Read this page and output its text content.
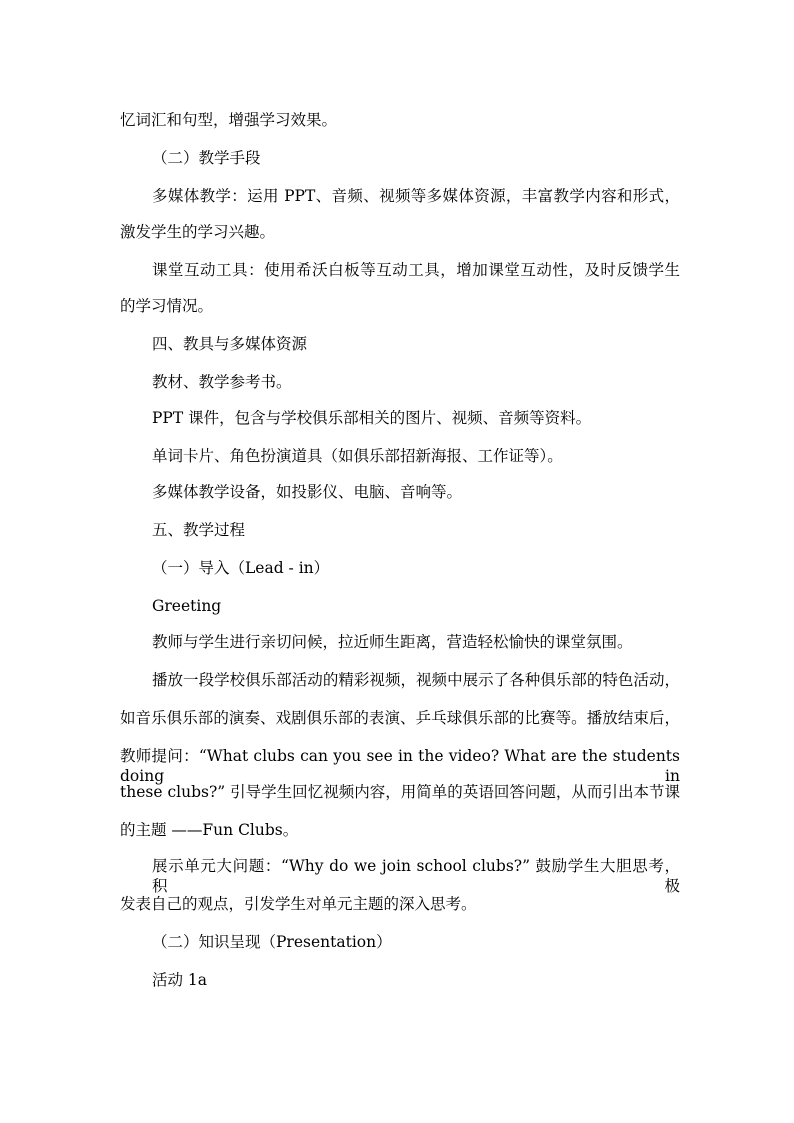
忆词汇和句型，增强学习效果。
（二）教学手段
多媒体教学：运用 PPT、音频、视频等多媒体资源，丰富教学内容和形式，
激发学生的学习兴趣。
课堂互动工具：使用希沃白板等互动工具，增加课堂互动性，及时反馈学生
的学习情况。
四、教具与多媒体资源
教材、教学参考书。
PPT 课件，包含与学校俱乐部相关的图片、视频、音频等资料。
单词卡片、角色扮演道具（如俱乐部招新海报、工作证等）。
多媒体教学设备，如投影仪、电脑、音响等。
五、教学过程
（一）导入（Lead - in）
Greeting
教师与学生进行亲切问候，拉近师生距离，营造轻松愉快的课堂氛围。
播放一段学校俱乐部活动的精彩视频，视频中展示了各种俱乐部的特色活动，
如音乐俱乐部的演奏、戏剧俱乐部的表演、乒乓球俱乐部的比赛等。播放结束后，
教师提问：“What clubs can you see in the video? What are the students doing in
these clubs?” 引导学生回忆视频内容，用简单的英语回答问题，从而引出本节课
的主题 ——Fun Clubs。
展示单元大问题：“Why do we join school clubs?” 鼓励学生大胆思考，积极
发表自己的观点，引发学生对单元主题的深入思考。
（二）知识呈现（Presentation）
活动 1a
